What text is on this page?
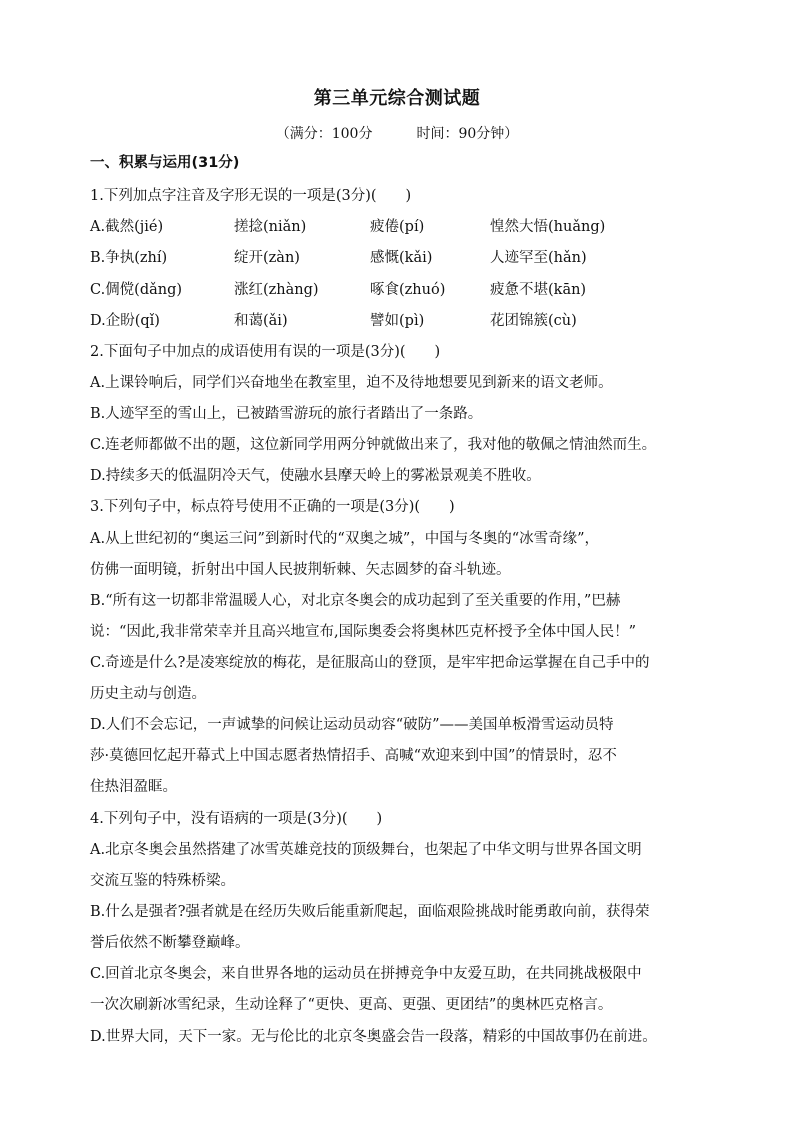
第三单元综合测试题
（满分：100分	时间：90分钟）
一、积累与运用(31分)
1.下列加点字注音及字形无误的一项是(3分)(　　)
A.截然(jié)	搓捻(niǎn)	疲倦(pí)	惶然大悟(huǎng)
B.争执(zhí)	绽开(zàn)	感慨(kǎi)	人迹罕至(hǎn)
C.倜傥(dǎng)	涨红(zhàng)	啄食(zhuó)	疲惫不堪(kān)
D.企盼(qǐ)	和蔼(ǎi)	譬如(pì)	花团锦簇(cù)
2.下面句子中加点的成语使用有误的一项是(3分)(　　)
A.上课铃响后，同学们兴奋地坐在教室里，迫不及待地想要见到新来的语文老师。
B.人迹罕至的雪山上，已被踏雪游玩的旅行者踏出了一条路。
C.连老师都做不出的题，这位新同学用两分钟就做出来了，我对他的敬佩之情油然而生。
D.持续多天的低温阴冷天气，使融水县摩天岭上的雾凇景观美不胜收。
3.下列句子中，标点符号使用不正确的一项是(3分)(　　)
A.从上世纪初的“奥运三问”到新时代的“双奥之城”，中国与冬奥的“冰雪奇缘”，
仿佛一面明镜，折射出中国人民披荆斩棘、矢志圆梦的奋斗轨迹。
B.“所有这一切都非常温暖人心，对北京冬奥会的成功起到了至关重要的作用，”巴赫
说：“因此,我非常荣幸并且高兴地宣布,国际奥委会将奥林匹克杯授予全体中国人民！”
C.奇迹是什么?是凌寒绽放的梅花，是征服高山的登顶，是牢牢把命运掌握在自己手中的
历史主动与创造。
D.人们不会忘记，一声诚挚的问候让运动员动容“破防”——美国单板滑雪运动员特
莎·莫德回忆起开幕式上中国志愿者热情招手、高喊“欢迎来到中国”的情景时，忍不
住热泪盈眶。
4.下列句子中，没有语病的一项是(3分)(　　)
A.北京冬奥会虽然搭建了冰雪英雄竞技的顶级舞台，也架起了中华文明与世界各国文明
交流互鉴的特殊桥梁。
B.什么是强者?强者就是在经历失败后能重新爬起，面临艰险挑战时能勇敢向前，获得荣
誉后依然不断攀登巅峰。
C.回首北京冬奥会，来自世界各地的运动员在拼搏竞争中友爱互助，在共同挑战极限中
一次次刷新冰雪纪录，生动诠释了“更快、更高、更强、更团结”的奥林匹克格言。
D.世界大同，天下一家。无与伦比的北京冬奥盛会告一段落，精彩的中国故事仍在前进。
